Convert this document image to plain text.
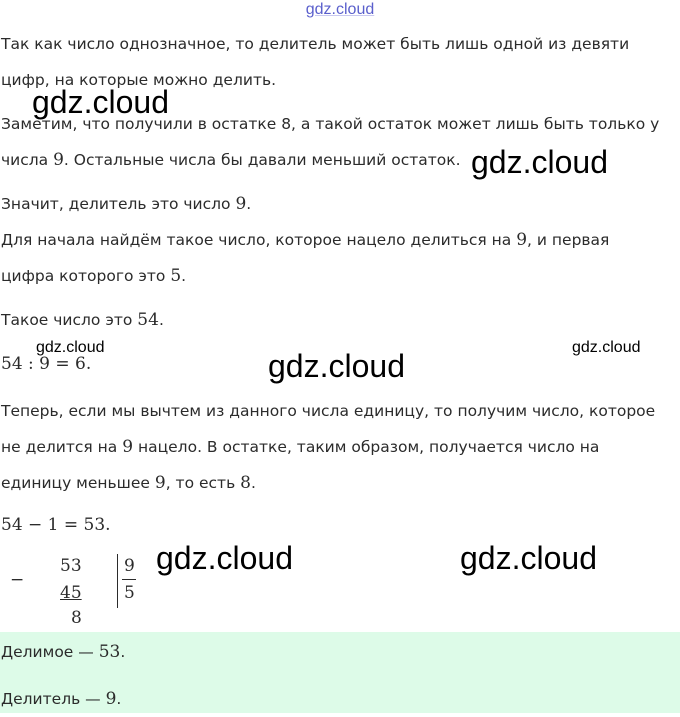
gdz.cloud

Так как число однозначное, то делитель может быть лишь одной из девяти
цифр, на которые можно делить.

Заметим, что получили в остатке 8, а такой остаток может лишь быть только у
числа 9. Остальные числа бы давали меньший остаток.

Значит, делитель это число 9.

Для начала найдём такое число, которое нацело делиться на 9, и первая
цифра которого это 5.

Такое число это 54.

54 : 9 = 6.

Теперь, если мы вычтем из данного числа единицу, то получим число, которое
не делится на 9 нацело. В остатке, таким образом, получается число на
единицу меньшее 9, то есть 8.

54 − 1 = 53.
−
53
45
8
9
5

Делимое — 53.

Делитель — 9.

gdz.cloud
gdz.cloud
gdz.cloud	gdz.cloud
gdz.cloud
gdz.cloud	gdz.cloud
